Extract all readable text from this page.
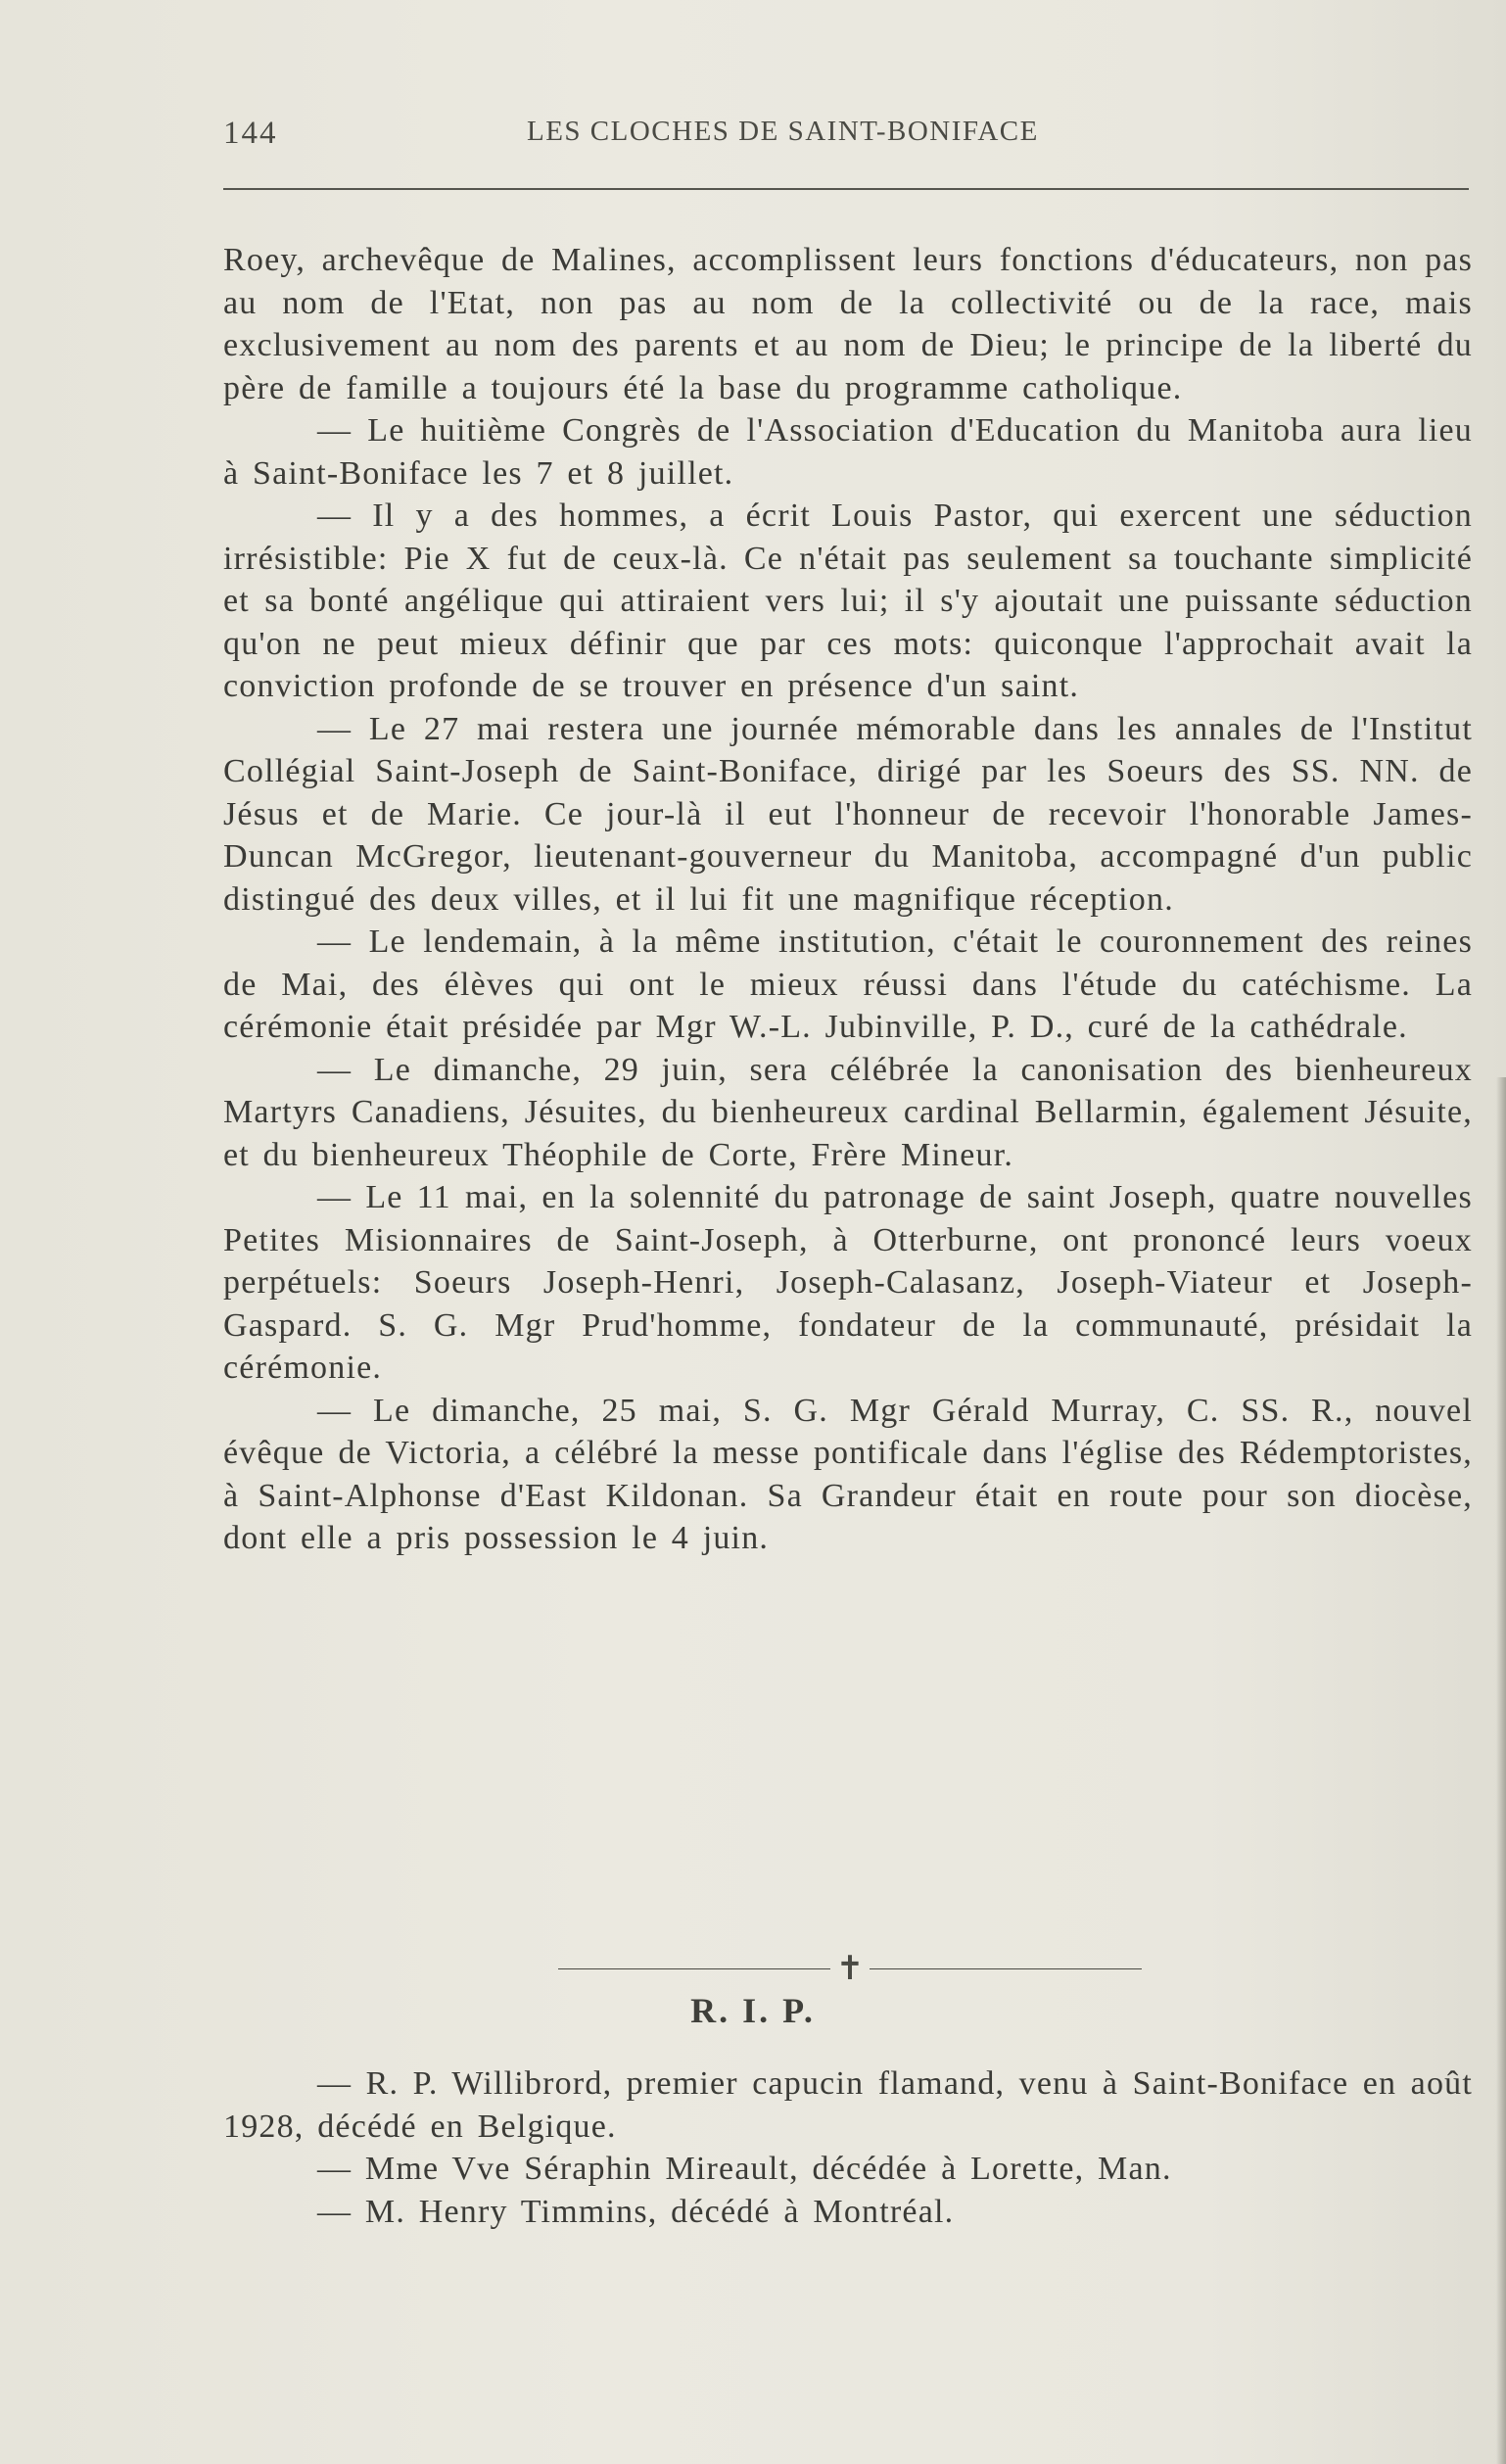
144	LES CLOCHES DE SAINT-BONIFACE

Roey, archevêque de Malines, accomplissent leurs fonctions d'éducateurs, non pas au nom de l'Etat, non pas au nom de la collectivité ou de la race, mais exclusivement au nom des parents et au nom de Dieu; le principe de la liberté du père de famille a toujours été la base du programme catholique.

— Le huitième Congrès de l'Association d'Education du Manitoba aura lieu à Saint-Boniface les 7 et 8 juillet.

— Il y a des hommes, a écrit Louis Pastor, qui exercent une séduction irrésistible: Pie X fut de ceux-là. Ce n'était pas seulement sa touchante simplicité et sa bonté angélique qui attiraient vers lui; il s'y ajoutait une puissante séduction qu'on ne peut mieux définir que par ces mots: quiconque l'approchait avait la conviction profonde de se trouver en présence d'un saint.

— Le 27 mai restera une journée mémorable dans les annales de l'Institut Collégial Saint-Joseph de Saint-Boniface, dirigé par les Soeurs des SS. NN. de Jésus et de Marie. Ce jour-là il eut l'honneur de recevoir l'honorable James-Duncan McGregor, lieutenant-gouverneur du Manitoba, accompagné d'un public distingué des deux villes, et il lui fit une magnifique réception.

— Le lendemain, à la même institution, c'était le couronnement des reines de Mai, des élèves qui ont le mieux réussi dans l'étude du catéchisme. La cérémonie était présidée par Mgr W.-L. Jubinville, P. D., curé de la cathédrale.

— Le dimanche, 29 juin, sera célébrée la canonisation des bienheureux Martyrs Canadiens, Jésuites, du bienheureux cardinal Bellarmin, également Jésuite, et du bienheureux Théophile de Corte, Frère Mineur.

— Le 11 mai, en la solennité du patronage de saint Joseph, quatre nouvelles Petites Misionnaires de Saint-Joseph, à Otterburne, ont prononcé leurs voeux perpétuels: Soeurs Joseph-Henri, Joseph-Calasanz, Joseph-Viateur et Joseph-Gaspard. S. G. Mgr Prud'homme, fondateur de la communauté, présidait la cérémonie.

— Le dimanche, 25 mai, S. G. Mgr Gérald Murray, C. SS. R., nouvel évêque de Victoria, a célébré la messe pontificale dans l'église des Rédemptoristes, à Saint-Alphonse d'East Kildonan. Sa Grandeur était en route pour son diocèse, dont elle a pris possession le 4 juin.

✝
R. I. P.

— R. P. Willibrord, premier capucin flamand, venu à Saint-Boniface en août 1928, décédé en Belgique.

— Mme Vve Séraphin Mireault, décédée à Lorette, Man.

— M. Henry Timmins, décédé à Montréal.
